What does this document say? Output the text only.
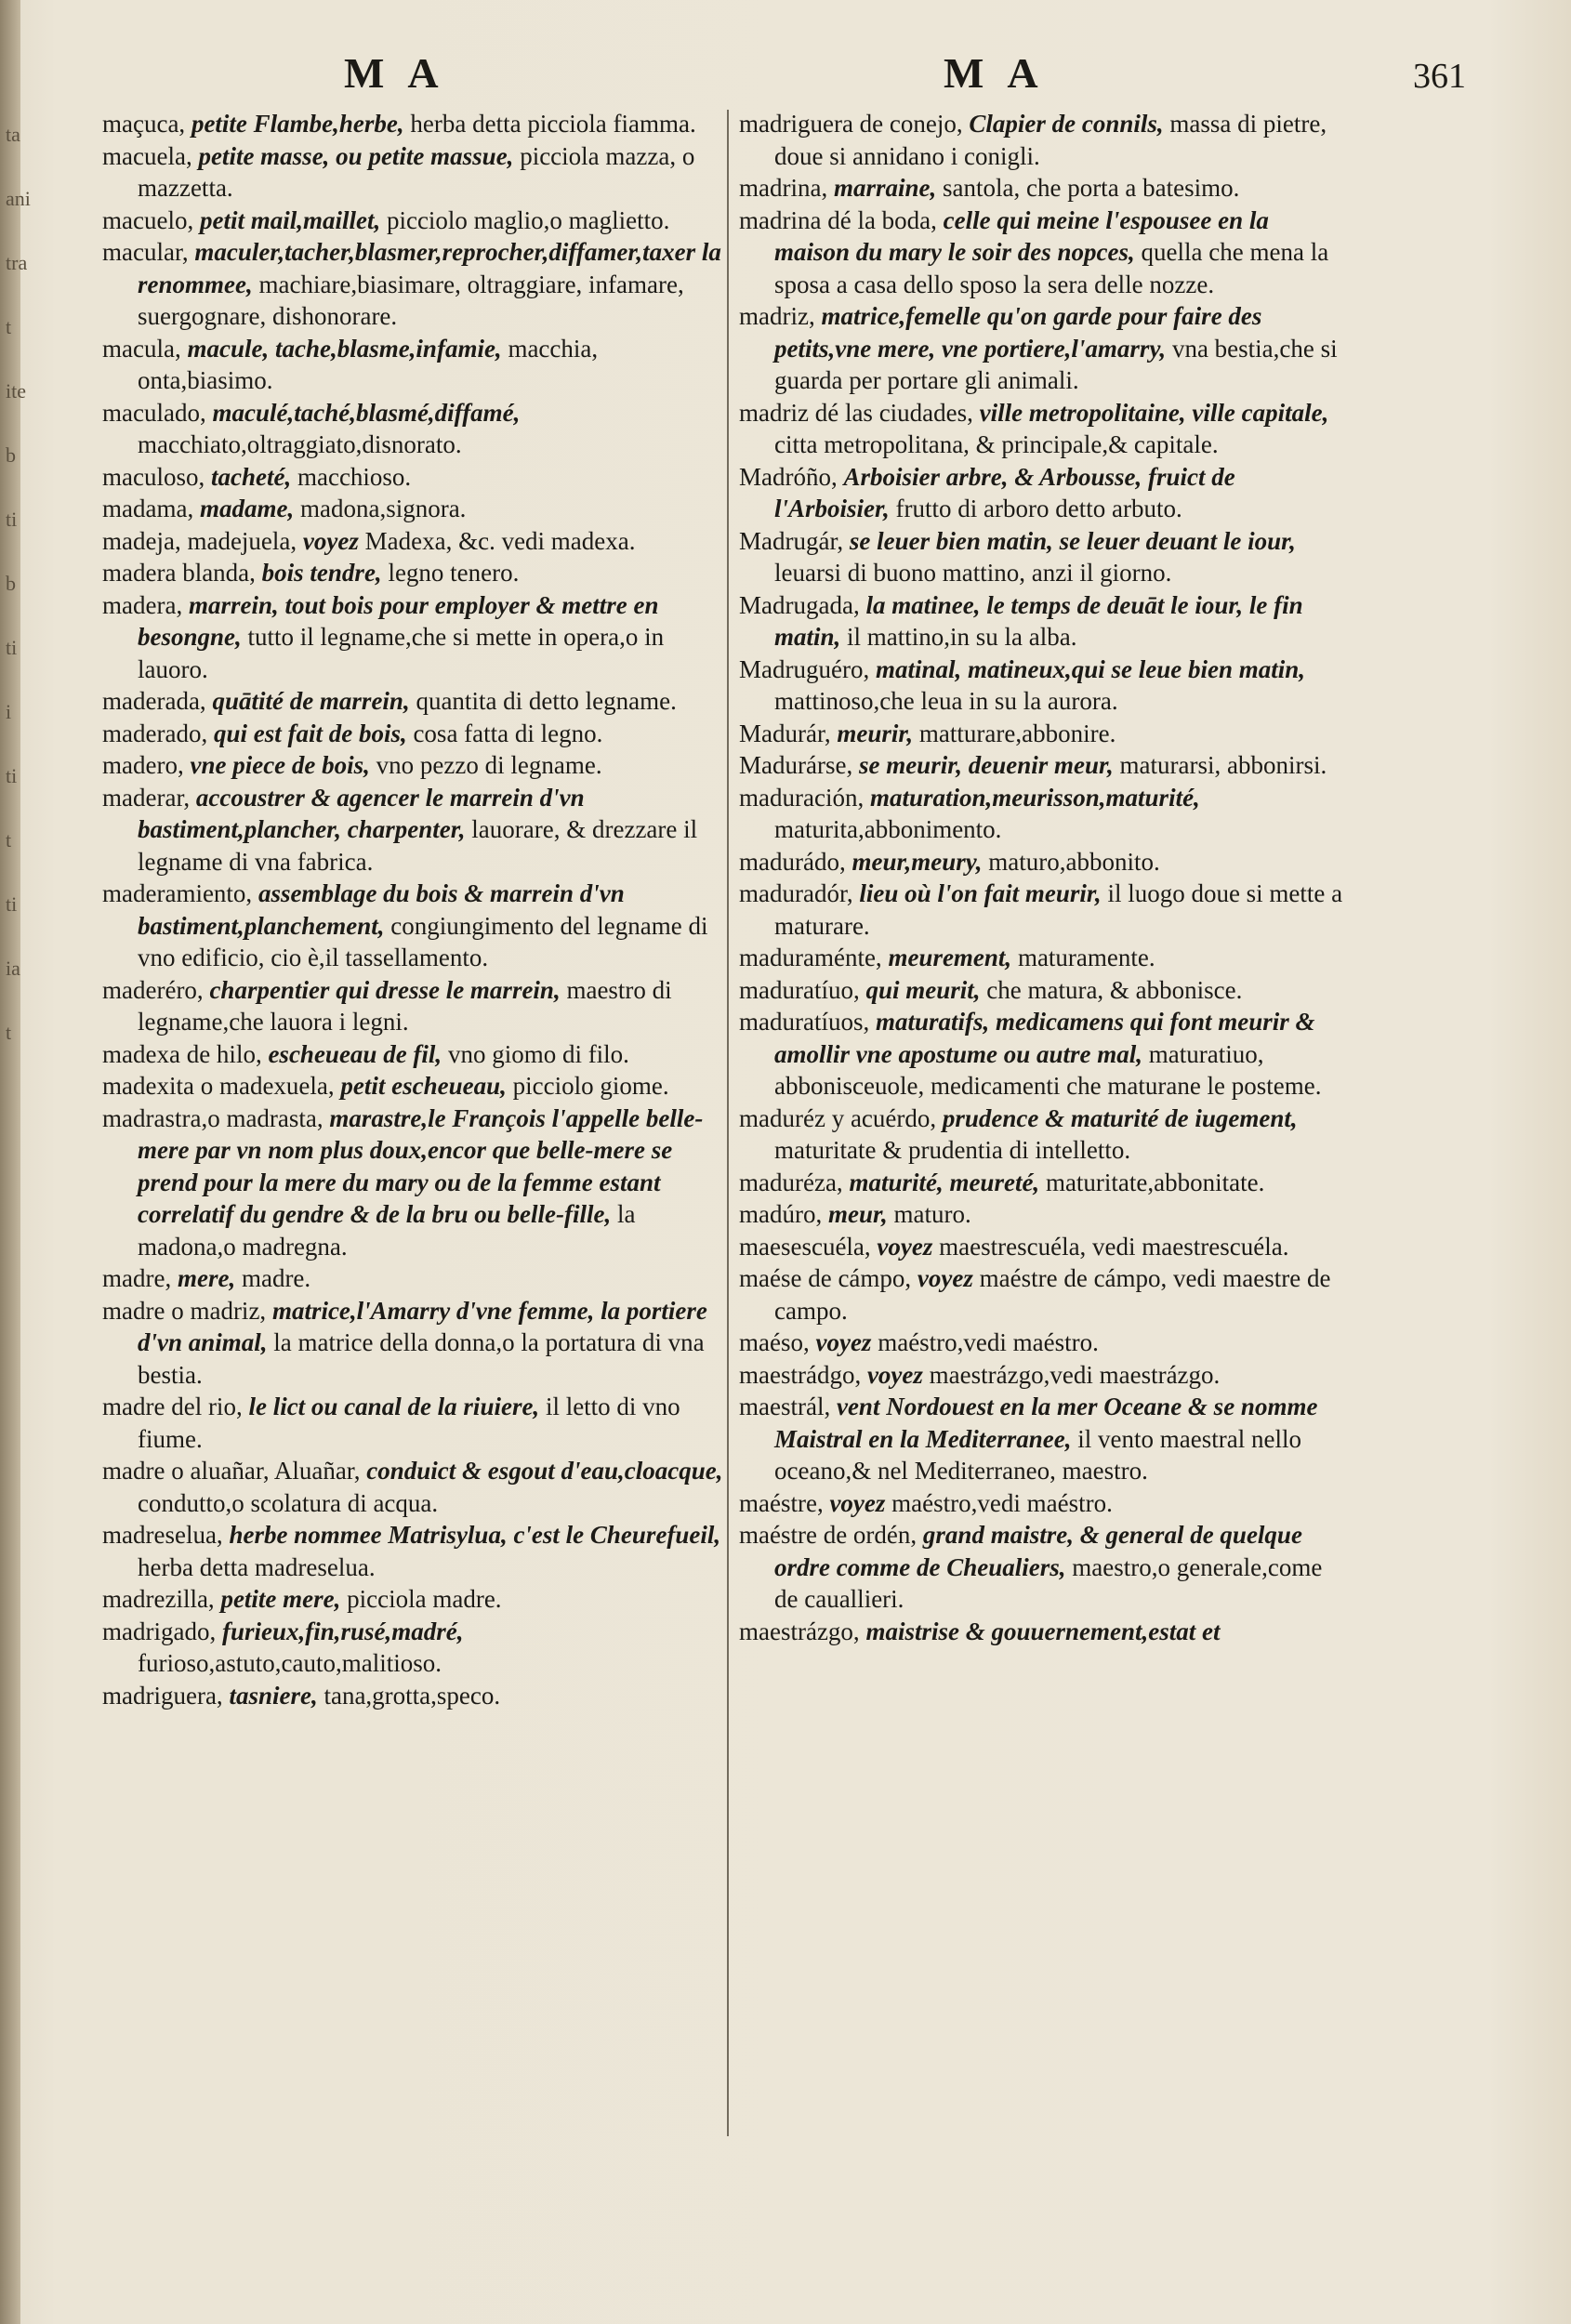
ta
ani
tra
t
ite
b
ti
b
ti
i
ti
t
ti
ia
t
M A	M A	361

maçuca, petite Flambe,herbe, herba detta picciola fiamma.

macuela, petite masse, ou petite massue, picciola mazza, o mazzetta.

macuelo, petit mail,maillet, picciolo maglio,o maglietto.

macular, maculer,tacher,blasmer,reprocher,diffamer,taxer la renommee, machiare,biasimare, oltraggiare, infamare, suergognare, dishonorare.

macula, macule, tache,blasme,infamie, macchia, onta,biasimo.

maculado, maculé,taché,blasmé,diffamé, macchiato,oltraggiato,disnorato.

maculoso, tacheté, macchioso.

madama, madame, madona,signora.

madeja, madejuela, voyez Madexa, &c. vedi madexa.

madera blanda, bois tendre, legno tenero.

madera, marrein, tout bois pour employer & mettre en besongne, tutto il legname,che si mette in opera,o in lauoro.

maderada, quātité de marrein, quantita di detto legname.

maderado, qui est fait de bois, cosa fatta di legno.

madero, vne piece de bois, vno pezzo di legname.

maderar, accoustrer & agencer le marrein d'vn bastiment,plancher, charpenter, lauorare, & drezzare il legname di vna fabrica.

maderamiento, assemblage du bois & marrein d'vn bastiment,planchement, congiungimento del legname di vno edificio, cio è,il tassellamento.

maderéro, charpentier qui dresse le marrein, maestro di legname,che lauora i legni.

madexa de hilo, escheueau de fil, vno giomo di filo.

madexita o madexuela, petit escheueau, picciolo giome.

madrastra,o madrasta, marastre,le François l'appelle belle-mere par vn nom plus doux,encor que belle-mere se prend pour la mere du mary ou de la femme estant correlatif du gendre & de la bru ou belle-fille, la madona,o madregna.

madre, mere, madre.

madre o madriz, matrice,l'Amarry d'vne femme, la portiere d'vn animal, la matrice della donna,o la portatura di vna bestia.

madre del rio, le lict ou canal de la riuiere, il letto di vno fiume.

madre o aluañar, Aluañar, conduict & esgout d'eau,cloacque, condutto,o scolatura di acqua.

madreselua, herbe nommee Matrisylua, c'est le Cheurefueil, herba detta madreselua.

madrezilla, petite mere, picciola madre.

madrigado, furieux,fin,rusé,madré, furioso,astuto,cauto,malitioso.

madriguera, tasniere, tana,grotta,speco.

madriguera de conejo, Clapier de connils, massa di pietre, doue si annidano i conigli.

madrina, marraine, santola, che porta a batesimo.

madrina dé la boda, celle qui meine l'espousee en la maison du mary le soir des nopces, quella che mena la sposa a casa dello sposo la sera delle nozze.

madriz, matrice,femelle qu'on garde pour faire des petits,vne mere, vne portiere,l'amarry, vna bestia,che si guarda per portare gli animali.

madriz dé las ciudades, ville metropolitaine, ville capitale, citta metropolitana, & principale,& capitale.

Madróño, Arboisier arbre, & Arbousse, fruict de l'Arboisier, frutto di arboro detto arbuto.

Madrugár, se leuer bien matin, se leuer deuant le iour, leuarsi di buono mattino, anzi il giorno.

Madrugada, la matinee, le temps de deuāt le iour, le fin matin, il mattino,in su la alba.

Madruguéro, matinal, matineux,qui se leue bien matin, mattinoso,che leua in su la aurora.

Madurár, meurir, matturare,abbonire.

Madurárse, se meurir, deuenir meur, maturarsi, abbonirsi.

maduración, maturation,meurisson,maturité, maturita,abbonimento.

madurádo, meur,meury, maturo,abbonito.

maduradór, lieu où l'on fait meurir, il luogo doue si mette a maturare.

maduraménte, meurement, maturamente.

maduratíuo, qui meurit, che matura, & abbonisce.

maduratíuos, maturatifs, medicamens qui font meurir & amollir vne apostume ou autre mal, maturatiuo, abbonisceuole, medicamenti che maturane le posteme.

maduréz y acuérdo, prudence & maturité de iugement, maturitate & prudentia di intelletto.

maduréza, maturité, meureté, maturitate,abbonitate.

madúro, meur, maturo.

maesescuéla, voyez maestrescuéla, vedi maestrescuéla.

maése de cámpo, voyez maéstre de cámpo, vedi maestre de campo.

maéso, voyez maéstro,vedi maéstro.

maestrádgo, voyez maestrázgo,vedi maestrázgo.

maestrál, vent Nordouest en la mer Oceane & se nomme Maistral en la Mediterranee, il vento maestral nello oceano,& nel Mediterraneo, maestro.

maéstre, voyez maéstro,vedi maéstro.

maéstre de ordén, grand maistre, & general de quelque ordre comme de Cheualiers, maestro,o generale,come de cauallieri.

maestrázgo, maistrise & gouuernement,estat et
